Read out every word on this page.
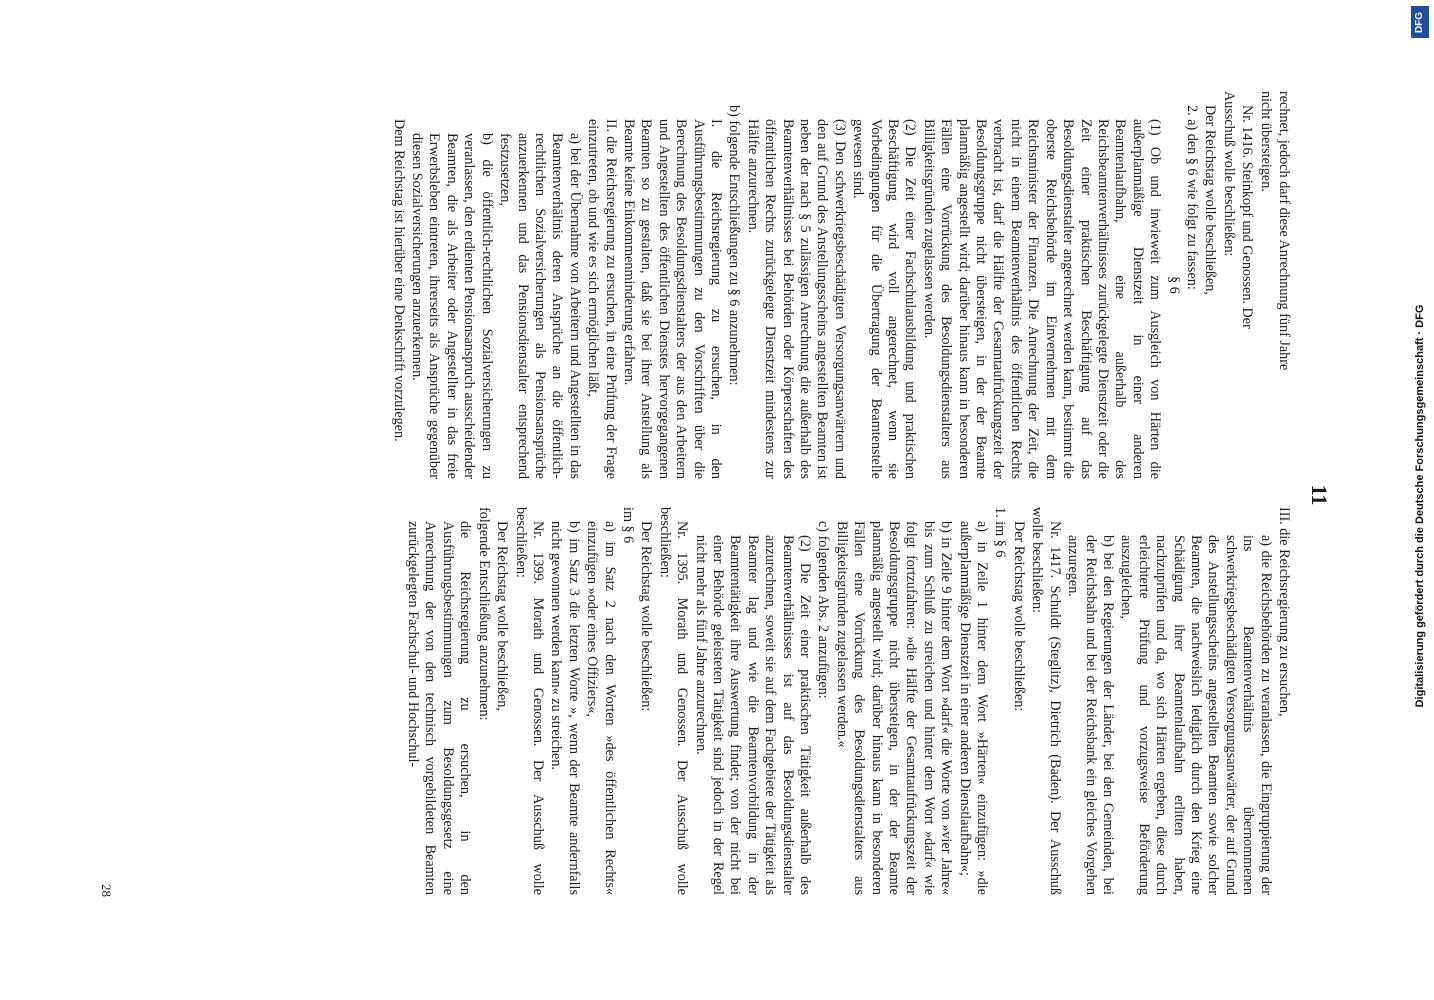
11

rechnet, jedoch darf diese Anrechnung fünf Jahre

nicht übersteigen.

Nr. 1416. Steinkopf und Genossen. Der

Ausschuß wolle beschließen:

Der Reichstag wolle beschließen,

2. a) den § 6 wie folgt zu fassen:

§ 6

(1) Ob und inwieweit zum Ausgleich von Härten die außerplanmäßige Dienstzeit in einer anderen Beamtenlaufbahn, eine außerhalb des Reichsbeamtenverhältnisses zurückgelegte Dienstzeit oder die Zeit einer praktischen Beschäftigung auf das Besoldungsdienstalter angerechnet werden kann, bestimmt die oberste Reichsbehörde im Einvernehmen mit dem Reichsminister der Finanzen. Die Anrechnung der Zeit, die nicht in einem Beamtenverhältnis des öffentlichen Rechts verbracht ist, darf die Hälfte der Gesamtaufrückungszeit der Besoldungsgruppe nicht übersteigen, in der der Beamte planmäßig angestellt wird; darüber hinaus kann in besonderen Fällen eine Vorrückung des Besoldungsdienstalters aus Billigkeitsgründen zugelassen werden.

(2) Die Zeit einer Fachschulausbildung und praktischen Beschäftigung wird voll angerechnet, wenn sie Vorbedingungen für die Übertragung der Beamtenstelle gewesen sind.

(3) Den schwerkriegsbeschädigten Versorgungsanwärtern und den auf Grund des Anstellungsscheins angestellten Beamten ist neben der nach § 5 zulässigen Anrechnung die außerhalb des Beamtenverhältnisses bei Behörden oder Körperschaften des öffentlichen Rechts zurückgelegte Dienstzeit mindestens zur Hälfte anzurechnen.

b) folgende Entschließungen zu § 6 anzunehmen:

I. die Reichsregierung zu ersuchen, in den Ausführungsbestimmungen zu den Vorschriften über die Berechnung des Besoldungsdienstalters der aus den Arbeitern und Angestellten des öffentlichen Dienstes hervorgegangenen Beamten so zu gestalten, daß sie bei ihrer Anstellung als Beamte keine Einkommenminderung erfahren.

II. die Reichsregierung zu ersuchen, in eine Prüfung der Frage einzutreten, ob und wie es sich ermöglichen läßt,

a) bei der Übernahme von Arbeitern und Angestellten in das Beamtenverhältnis deren Ansprüche an die öffentlich-rechtlichen Sozialversicherungen als Pensionsansprüche anzuerkennen und das Pensionsdienstalter entsprechend festzusetzen,

b) die öffentlich-rechtlichen Sozialversicherungen zu veranlassen, den erdienten Pensionsanspruch ausscheidender Beamten, die als Arbeiter oder Angestellter in das freie Erwerbsleben eintreten, ihrerseits als Ansprüche gegenüber diesen Sozialversicherungen anzuerkennen.

Dem Reichstag ist hierüber eine Denkschrift vorzulegen.

III. die Reichsregierung zu ersuchen,

a) die Reichsbehörden zu veranlassen, die Eingruppierung der ins Beamtenverhältnis übernommenen schwerkriegsbeschädigten Versorgungsanwärter, der auf Grund des Anstellungsscheins angestellten Beamten sowie solcher Beamten, die nachweislich lediglich durch den Krieg eine Schädigung ihrer Beamtenlaufbahn erlitten haben, nachzuprüfen und da, wo sich Härten ergeben, diese durch erleichterte Prüfung und vorzugsweise Beförderung auszugleichen,

b) bei den Regierungen der Länder, bei den Gemeinden, bei der Reichsbahn und bei der Reichsbank ein gleiches Vorgehen anzuregen.

Nr. 1417. Schuldt (Steglitz), Dietrich (Baden). Der Ausschuß wolle beschließen:

Der Reichstag wolle beschließen:

1. im § 6

a) in Zeile 1 hinter dem Wort »Härten« einzufügen: »die außerplanmäßige Dienstzeit in einer anderen Dienstlaufbahn«;

b) in Zeile 9 hinter dem Wort »darf« die Worte von »vier Jahre« bis zum Schluß zu streichen und hinter dem Wort »darf« wie folgt fortzufahren: »die Hälfte der Gesamtaufrückungszeit der Besoldungsgruppe nicht übersteigen, in der der Beamte planmäßig angestellt wird; darüber hinaus kann in besonderen Fällen eine Vorrückung des Besoldungsdienstalters aus Billigkeitsgründen zugelassen werden.«

c) folgenden Abs. 2 anzufügen:

(2) Die Zeit einer praktischen Tätigkeit außerhalb des Beamtenverhältnisses ist auf das Besoldungsdienstalter anzurechnen, soweit sie auf dem Fachgebiete der Tätigkeit als Beamter lag und wie die Beamtenvorbildung in der Beamtentätigkeit ihre Auswertung findet; von der nicht bei einer Behörde geleisteten Tätigkeit sind jedoch in der Regel nicht mehr als fünf Jahre anzurechnen.

Nr. 1395. Morath und Genossen. Der Ausschuß wolle beschließen:

Der Reichstag wolle beschließen:

im § 6

a) im Satz 2 nach den Worten »des öffentlichen Rechts« einzufügen »oder eines Offiziers«,

b) im Satz 3 die letzten Worte », wenn der Beamte andernfalls nicht gewonnen werden kann« zu streichen.

Nr. 1399. Morath und Genossen. Der Ausschuß wolle beschließen:

Der Reichstag wolle beschließen,

folgende Entschließung anzunehmen:

die Reichsregierung zu ersuchen, in den Ausführungsbestimmungen zum Besoldungsgesetz eine Anrechnung der von den technisch vorgebildeten Beamten zurückgelegten Fachschul- und Hochschul-

28
DFG
Digitalisierung gefördert durch die Deutsche Forschungsgemeinschaft · DFG
